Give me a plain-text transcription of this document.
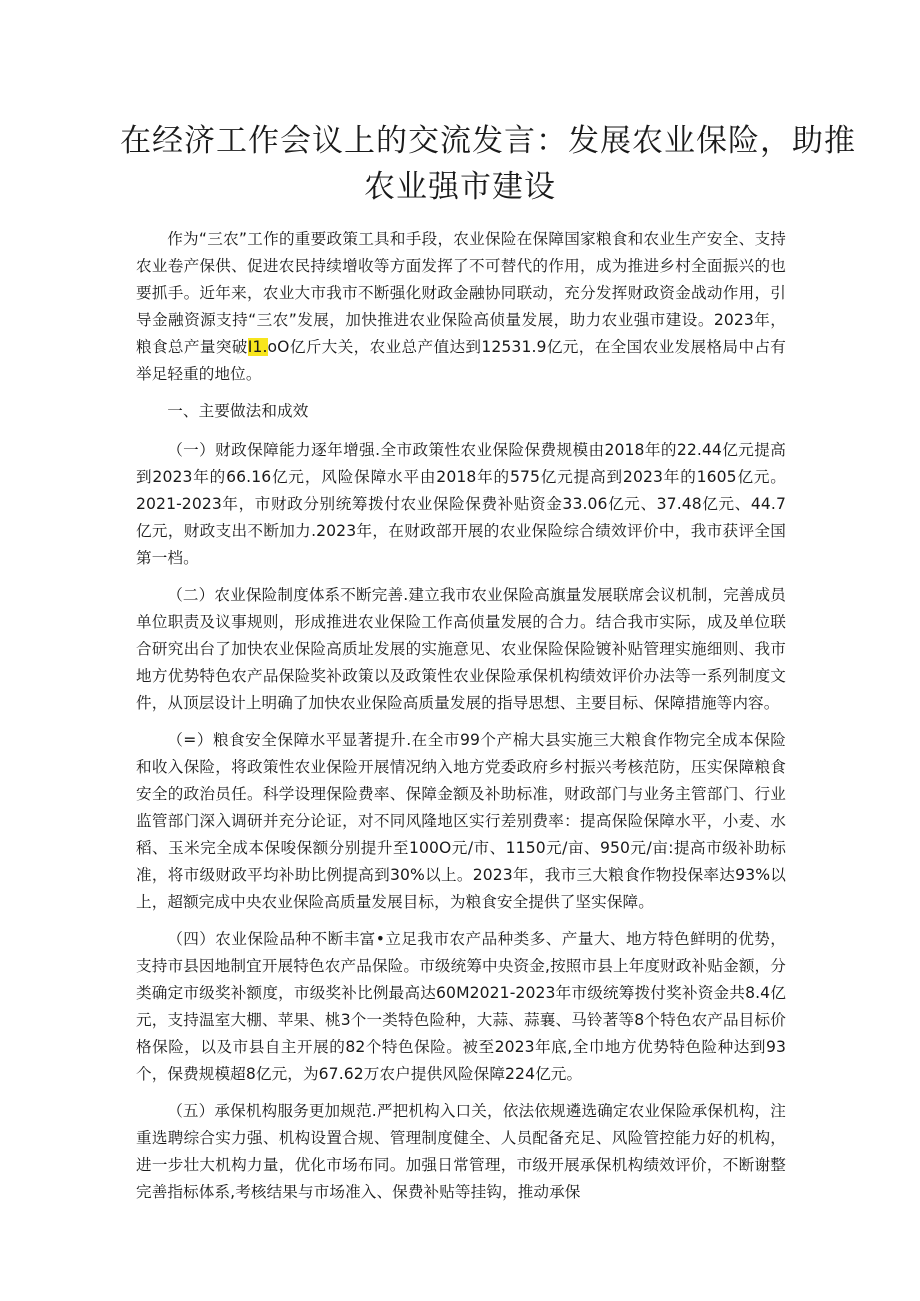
在经济工作会议上的交流发言：发展农业保险，助推
农业强市建设

作为“三农”工作的重要政策工具和手段，农业保险在保障国家粮食和农业生产安全、支持农业卷产保供、促进农民持续增收等方面发挥了不可替代的作用，成为推进乡村全面振兴的也要抓手。近年来，农业大市我市不断强化财政金融协同联动，充分发挥财政资金战动作用，引导金融资源支持“三农”发展，加快推进农业保险高侦量发展，助力农业强市建设。2023年，粮食总产量突破I1.oO亿斤大关，农业总产值达到12531.9亿元，在全国农业发展格局中占有举足轻重的地位。

一、主要做法和成效

（一）财政保障能力逐年增强.全市政策性农业保险保费规模由2018年的22.44亿元提高到2023年的66.16亿元，风险保障水平由2018年的575亿元提高到2023年的1605亿元。2021-2023年，市财政分别统筹拨付农业保险保费补贴资金33.06亿元、37.48亿元、44.7亿元，财政支出不断加力.2023年，在财政部开展的农业保险综合绩效评价中，我市获评全国第一档。

（二）农业保险制度体系不断完善.建立我市农业保险高旗量发展联席会议机制，完善成员单位职责及议事规则，形成推进农业保险工作高侦量发展的合力。结合我市实际，成及单位联合研究出台了加快农业保险高质址发展的实施意见、农业保险保险镀补贴管理实施细则、我市地方优势特色农产品保险奖补政策以及政策性农业保险承保机构绩效评价办法等一系列制度文件，从顶层设计上明确了加快农业保险高质量发展的指导思想、主要目标、保障措施等内容。

（=）粮食安全保障水平显著提升.在全市99个产棉大县实施三大粮食作物完全成本保险和收入保险，将政策性农业保险开展情况纳入地方党委政府乡村振兴考核范防，压实保障粮食安全的政治员任。科学设理保险费率、保障金额及补助标准，财政部门与业务主管部门、行业监管部门深入调研并充分论证，对不同风隆地区实行差别费率：提高保险保障水平，小麦、水稻、玉米完全成本保唆保额分别提升至100O元/市、1150元/亩、950元/亩:提高市级补助标准，将市级财政平均补助比例提高到30%以上。2023年，我市三大粮食作物投保率达93%以上，超额完成中央农业保险高质量发展目标，为粮食安全提供了坚实保障。

（四）农业保险品种不断丰富•立足我市农产品种类多、产量大、地方特色鲜明的优势，支持市县因地制宜开展特色农产品保险。市级统筹中央资金,按照市县上年度财政补贴金额，分类确定市级奖补额度，市级奖补比例最高达60M2021-2023年市级统筹拨付奖补资金共8.4亿元，支持温室大棚、苹果、桃3个一类特色险种，大蒜、蒜襄、马铃著等8个特色农产品目标价格保险，以及市县自主开展的82个特色保险。被至2023年底,全巾地方优势特色险种达到93个，保费规模超8亿元，为67.62万农户提供风险保障224亿元。

（五）承保机构服务更加规范.严把机构入口关，依法依规遴选确定农业保险承保机构，注重选聘综合实力强、机构设置合规、管理制度健全、人员配备充足、风险管控能力好的机构，进一步壮大机构力量，优化市场布同。加强日常管理，市级开展承保机构绩效评价，不断谢整完善指标体系,考核结果与市场准入、保费补贴等挂钩，推动承保
